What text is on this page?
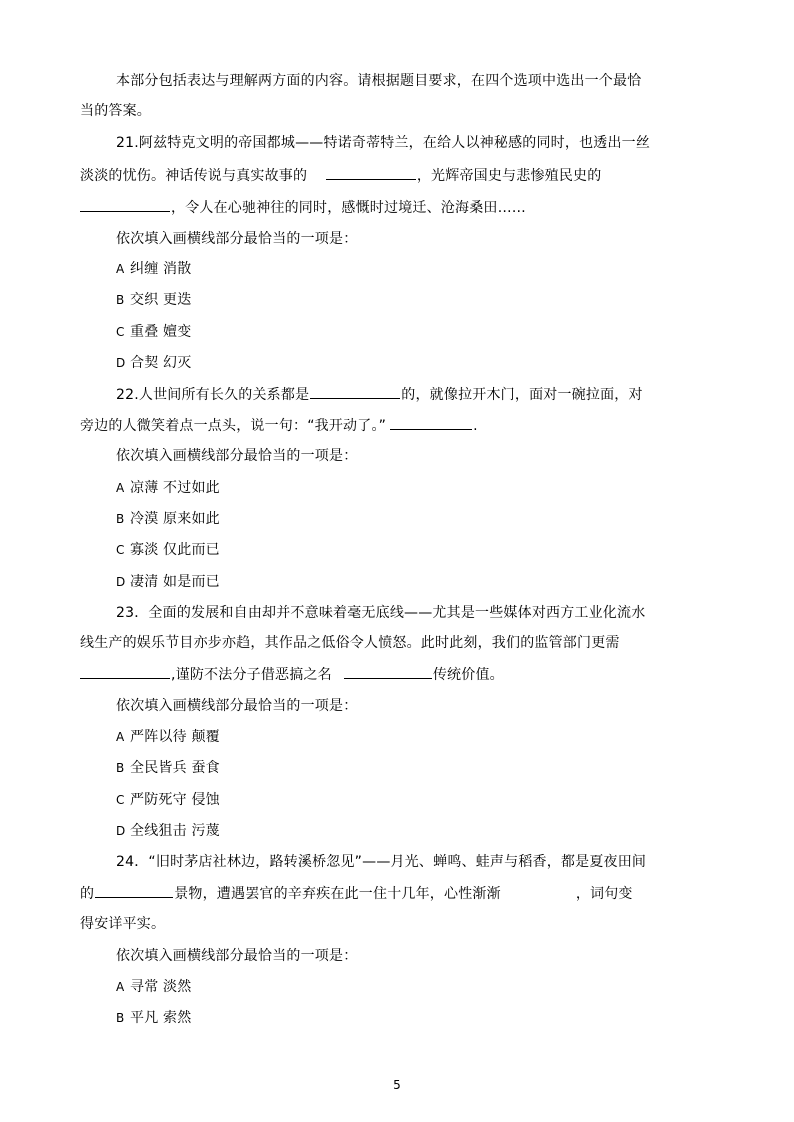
本部分包括表达与理解两方面的内容。请根据题目要求，在四个选项中选出一个最恰
当的答案。
21.阿兹特克文明的帝国都城——特诺奇蒂特兰，在给人以神秘感的同时，也透出一丝
淡淡的忧伤。神话传说与真实故事的	，光辉帝国史与悲惨殖民史的
，令人在心驰神往的同时，感慨时过境迁、沧海桑田……
依次填入画横线部分最恰当的一项是：
A 纠缠 消散
B 交织 更迭
C 重叠 嬗变
D 合契 幻灭
22.人世间所有长久的关系都是	的，就像拉开木门，面对一碗拉面，对
旁边的人微笑着点一点头，说一句：“我开动了。”	.
依次填入画横线部分最恰当的一项是：
A 凉薄 不过如此
B 冷漠 原来如此
C 寡淡 仅此而已
D 凄清 如是而已
23．全面的发展和自由却并不意味着毫无底线——尤其是一些媒体对西方工业化流水
线生产的娱乐节目亦步亦趋，其作品之低俗令人愤怒。此时此刻，我们的监管部门更需
,谨防不法分子借恶搞之名	传统价值。
依次填入画横线部分最恰当的一项是：
A 严阵以待 颠覆
B 全民皆兵 蚕食
C 严防死守 侵蚀
D 全线狙击 污蔑
24．“旧时茅店社林边，路转溪桥忽见”——月光、蝉鸣、蛙声与稻香，都是夏夜田间
的	景物，遭遇罢官的辛弃疾在此一住十几年，心性渐渐	，词句变
得安详平实。
依次填入画横线部分最恰当的一项是：
A 寻常 淡然
B 平凡 索然
5
